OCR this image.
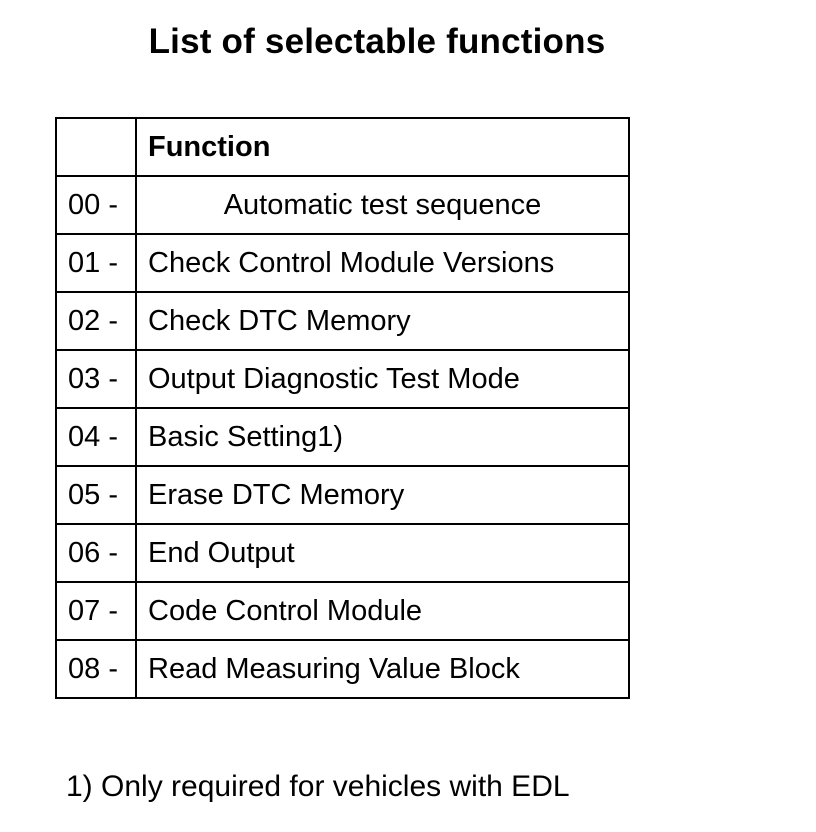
List of selectable functions
	Function
00 -	Automatic test sequence
01 -	Check Control Module Versions
02 -	Check DTC Memory
03 -	Output Diagnostic Test Mode
04 -	Basic Setting1)
05 -	Erase DTC Memory
06 -	End Output
07 -	Code Control Module
08 -	Read Measuring Value Block
1) Only required for vehicles with EDL
